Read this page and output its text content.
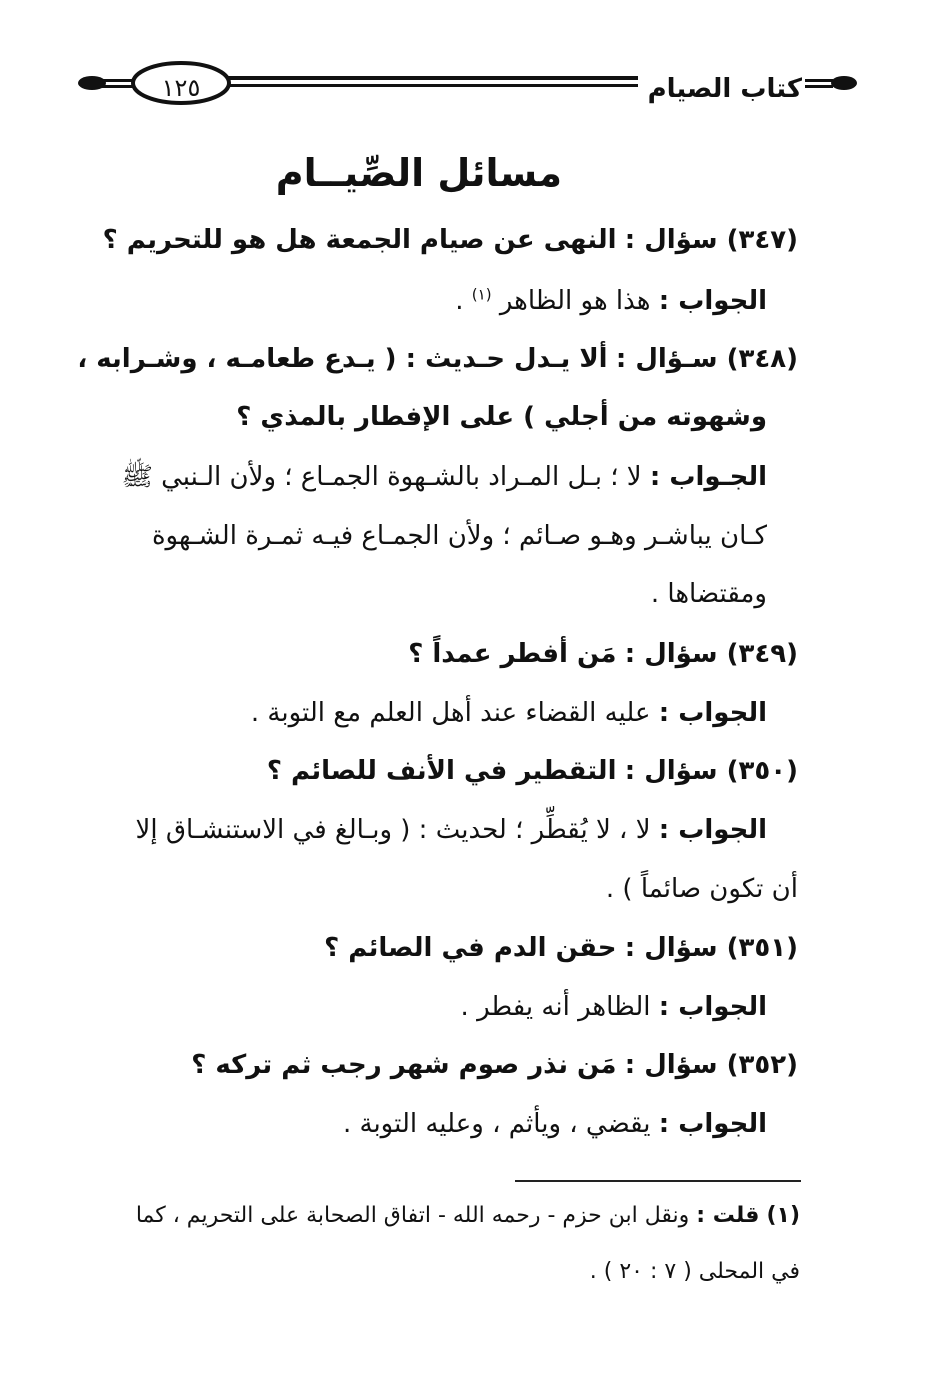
١٢٥	كتاب الصيام
مسائل الصِّيــام
(٣٤٧) سؤال : النهى عن صيام الجمعة هل هو للتحريم ؟
الجواب : هذا هو الظاهر $^{(١)}$ .
(٣٤٨) سـؤال : ألا يـدل حـديث : ( يـدع طعامـه ، وشـرابه ،
وشهوته من أجلي ) على الإفطار بالمذي ؟
الجـواب : لا ؛ بـل المـراد بالشـهوة الجمـاع ؛ ولأن الـنبي ﷺ
كـان يباشـر وهـو صـائم ؛ ولأن الجمـاع فيـه ثمـرة الشـهوة
ومقتضاها .
(٣٤٩) سؤال : مَن أفطر عمداً ؟
الجواب : عليه القضاء عند أهل العلم مع التوبة .
(٣٥٠) سؤال : التقطير في الأنف للصائم ؟
الجواب : لا ، لا يُقطِّر ؛ لحديث : ( وبـالغ في الاستنشـاق إلا
أن تكون صائماً ) .
(٣٥١) سؤال : حقن الدم في الصائم ؟
الجواب : الظاهر أنه يفطر .
(٣٥٢) سؤال : مَن نذر صوم شهر رجب ثم تركه ؟
الجواب : يقضي ، ويأثم ، وعليه التوبة .
(١) قلت : ونقل ابن حزم - رحمه الله - اتفاق الصحابة على التحريم ، كما
في المحلى ( ٧ : ٢٠ ) .
